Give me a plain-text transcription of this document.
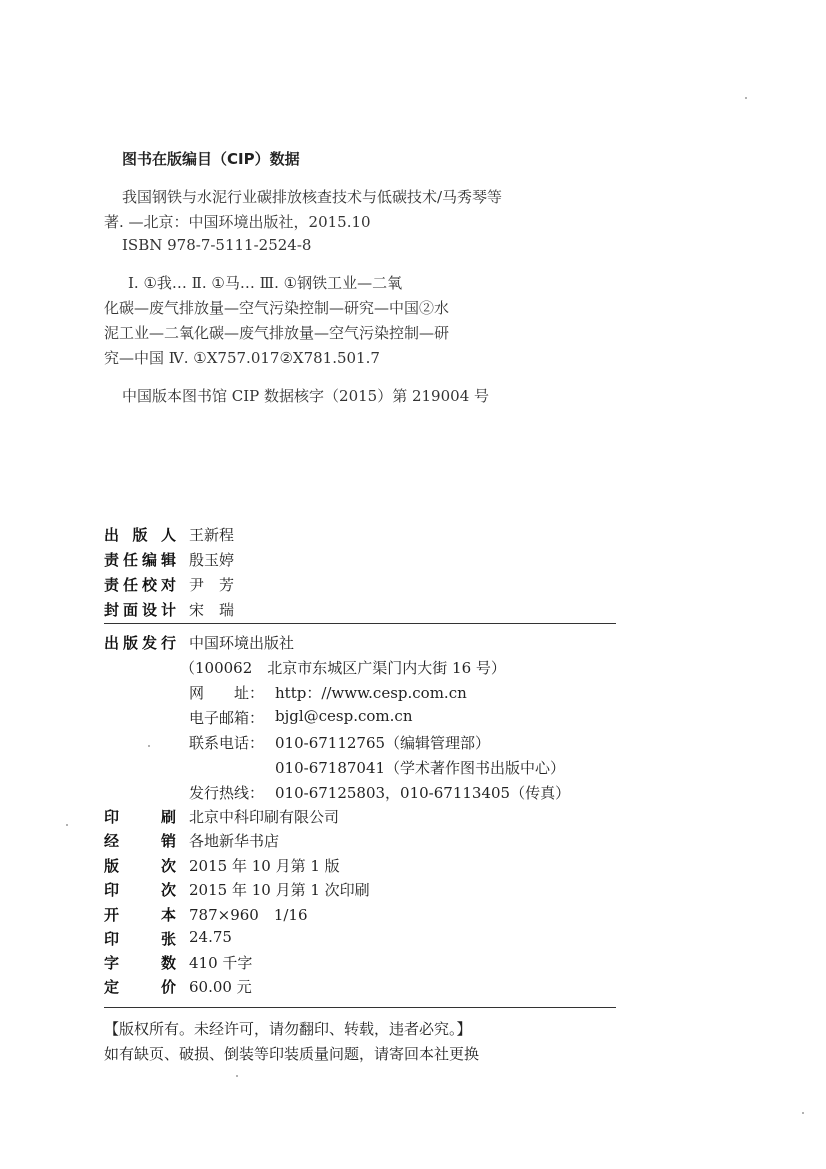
图书在版编目（CIP）数据
我国钢铁与水泥行业碳排放核查技术与低碳技术/马秀琴等
著. —北京：中国环境出版社，2015.10
ISBN 978-7-5111-2524-8
Ⅰ. ①我… Ⅱ. ①马… Ⅲ. ①钢铁工业—二氧
化碳—废气排放量—空气污染控制—研究—中国②水
泥工业—二氧化碳—废气排放量—空气污染控制—研
究—中国 Ⅳ. ①X757.017②X781.501.7
中国版本图书馆 CIP 数据核字（2015）第 219004 号
出 版 人 王新程
责 任 编 辑 殷玉婷
责 任 校 对 尹　芳
封 面 设 计 宋　瑞
出 版 发 行 中国环境出版社
（100062　北京市东城区广渠门内大街 16 号）
网　　址： http：//www.cesp.com.cn
电子邮箱： bjgl@cesp.com.cn
联系电话： 010-67112765（编辑管理部）
010-67187041（学术著作图书出版中心）
发行热线： 010-67125803，010-67113405（传真）
印	刷 北京中科印刷有限公司
经	销 各地新华书店
版	次 2015 年 10 月第 1 版
印	次 2015 年 10 月第 1 次印刷
开	本 787×960　1/16
印	张 24.75
字	数 410 千字
定	价 60.00 元
【版权所有。未经许可，请勿翻印、转载，违者必究。】
如有缺页、破损、倒装等印装质量问题，请寄回本社更换
